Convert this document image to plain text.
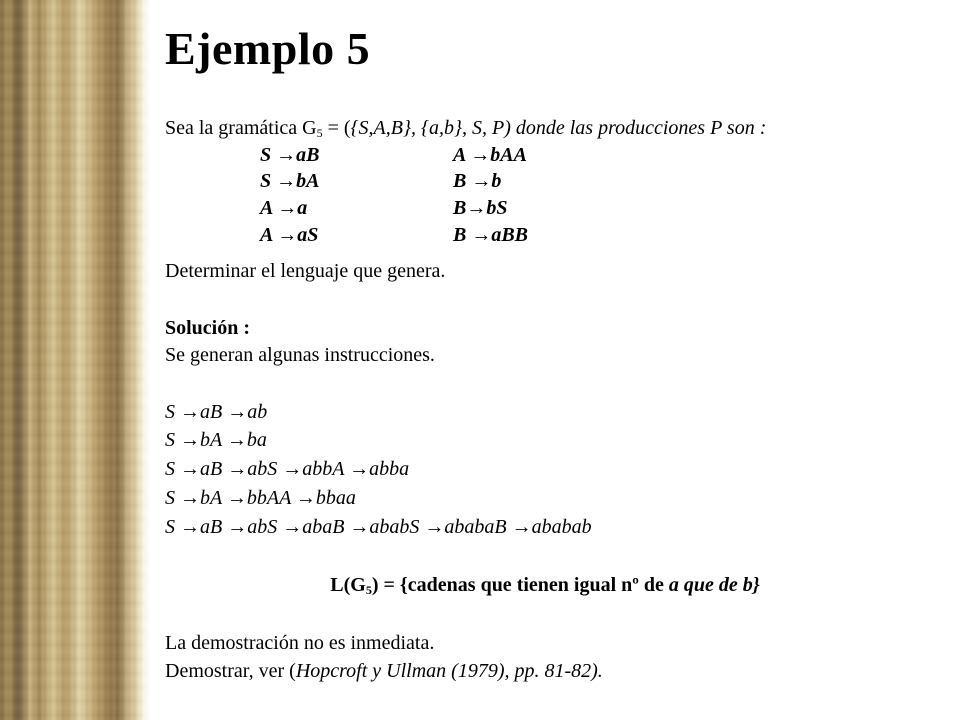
Ejemplo 5
Sea la gramática $G_5 = (\{S,A,B\}$, {a,b}, S, P) donde las producciones P son :
S →aB	A →bAA
S →bA	B →b
A →a	B→bS
A →aS	B →aBB
Determinar el lenguaje que genera.
Solución :
Se generan algunas instrucciones.
S →aB →ab
S →bA →ba
S →aB →abS →abbA →abba
S →bA →bbAA →bbaa
S →aB →abS →abaB →ababS →ababaB →ababab
$L(G_5)$ = {cadenas que tienen igual nº de a que de b}
La demostración no es inmediata.
Demostrar, ver (Hopcroft y Ullman (1979), pp. 81-82).
